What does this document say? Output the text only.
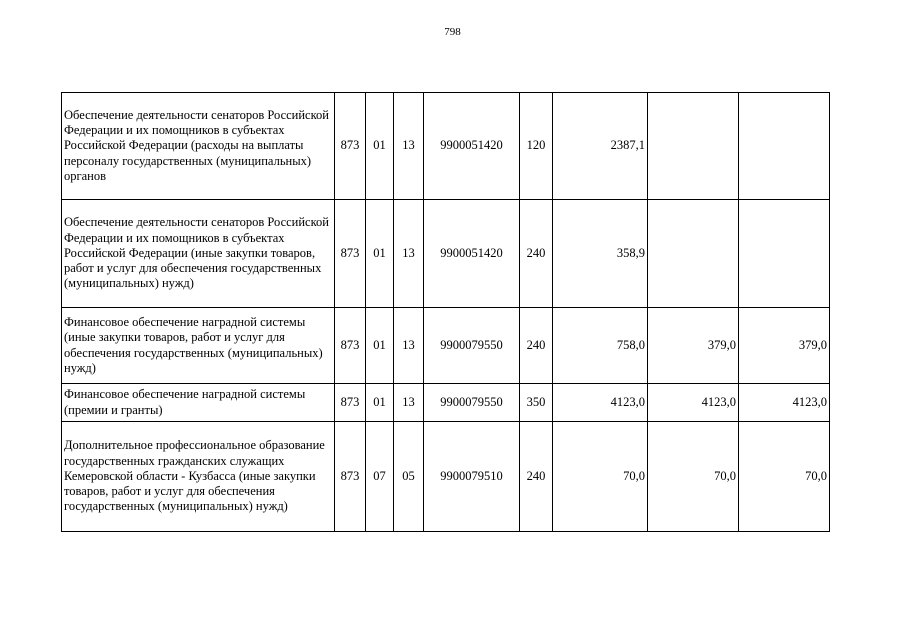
798
Обеспечение деятельности сенаторов Российской Федерации и их помощников в субъектах Российской Федерации (расходы на выплаты персоналу государственных (муниципальных) органов	873	01	13	9900051420	120	2387,1		
Обеспечение деятельности сенаторов Российской Федерации и их помощников в субъектах Российской Федерации (иные закупки товаров, работ и услуг для обеспечения государственных (муниципальных) нужд)	873	01	13	9900051420	240	358,9		
Финансовое обеспечение наградной системы (иные закупки товаров, работ и услуг для обеспечения государственных (муниципальных) нужд)	873	01	13	9900079550	240	758,0	379,0	379,0
Финансовое обеспечение наградной системы (премии и гранты)	873	01	13	9900079550	350	4123,0	4123,0	4123,0
Дополнительное профессиональное образование государственных гражданских служащих Кемеровской области - Кузбасса (иные закупки товаров, работ и услуг для обеспечения государственных (муниципальных) нужд)	873	07	05	9900079510	240	70,0	70,0	70,0
